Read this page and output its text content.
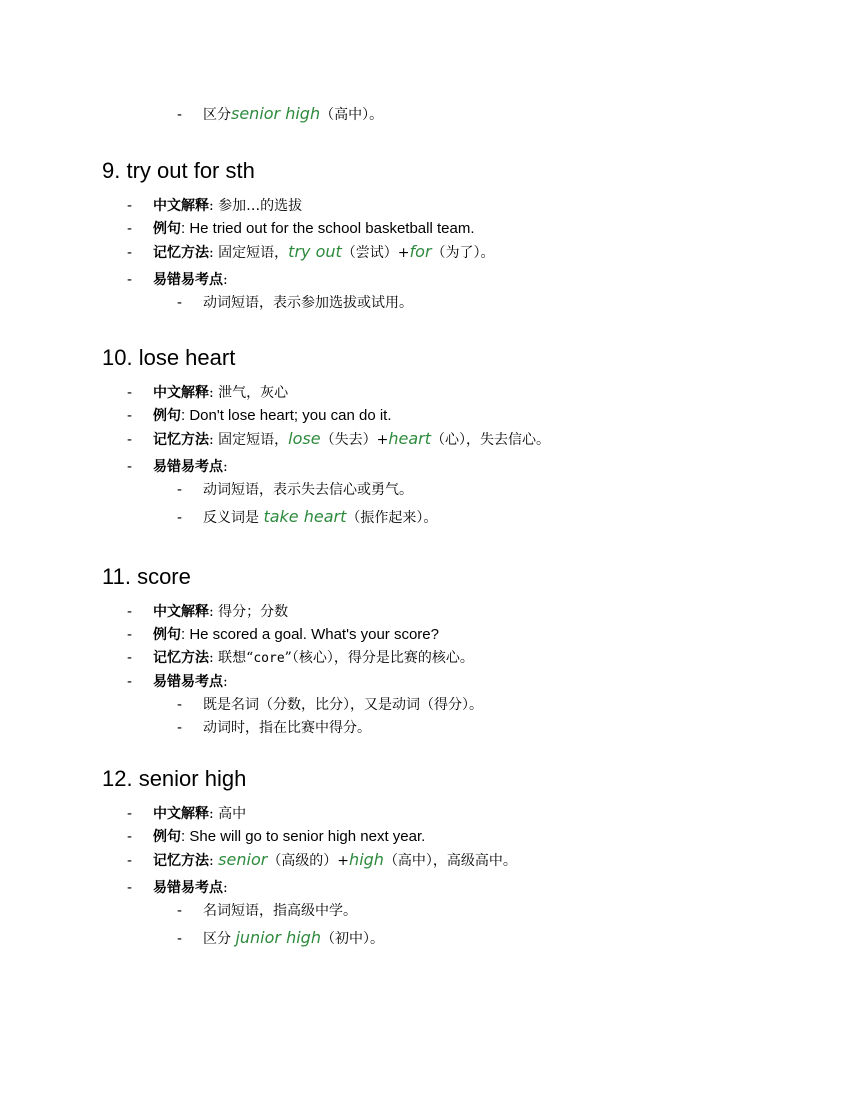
-	区分senior high（高中）。
9. try out for sth
-	中文解释: 参加…的选拔
-	例句: He tried out for the school basketball team.
-	记忆方法: 固定短语，try out（尝试）+for（为了）。
-	易错易考点:
-	动词短语，表示参加选拔或试用。
10. lose heart
-	中文解释: 泄气，灰心
-	例句: Don't lose heart; you can do it.
-	记忆方法: 固定短语，lose（失去）+heart（心），失去信心。
-	易错易考点:
-	动词短语，表示失去信心或勇气。
-	反义词是 take heart（振作起来）。
11. score
-	中文解释: 得分；分数
-	例句: He scored a goal. What's your score?
-	记忆方法: 联想“core”（核心），得分是比赛的核心。
-	易错易考点:
-	既是名词（分数，比分），又是动词（得分）。
-	动词时，指在比赛中得分。
12. senior high
-	中文解释: 高中
-	例句: She will go to senior high next year.
-	记忆方法: senior（高级的）+high（高中），高级高中。
-	易错易考点:
-	名词短语，指高级中学。
-	区分 junior high（初中）。
